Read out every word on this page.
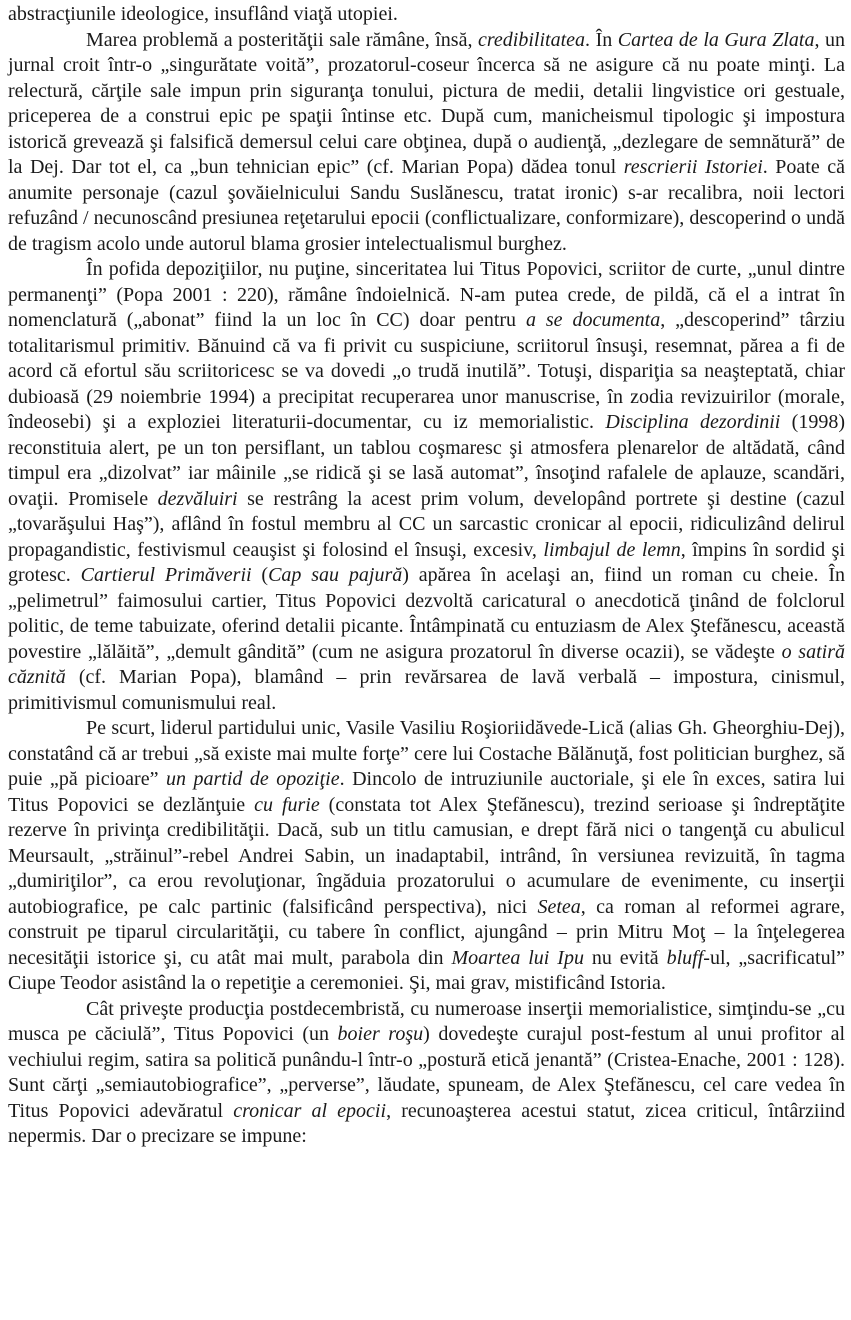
abstracţiunile ideologice, insuflând viaţă utopiei.

Marea problemă a posterităţii sale rămâne, însă, credibilitatea. În Cartea de la Gura Zlata, un jurnal croit într-o „singurătate voită”, prozatorul-coseur încerca să ne asigure că nu poate minţi. La relectură, cărţile sale impun prin siguranţa tonului, pictura de medii, detalii lingvistice ori gestuale, priceperea de a construi epic pe spaţii întinse etc. După cum, manicheismul tipologic şi impostura istorică grevează şi falsifică demersul celui care obţinea, după o audienţă, „dezlegare de semnătură” de la Dej. Dar tot el, ca „bun tehnician epic” (cf. Marian Popa) dădea tonul rescrierii Istoriei. Poate că anumite personaje (cazul şovăielnicului Sandu Suslănescu, tratat ironic) s-ar recalibra, noii lectori refuzând / necunoscând presiunea reţetarului epocii (conflictualizare, conformizare), descoperind o undă de tragism acolo unde autorul blama grosier intelectualismul burghez.

În pofida depoziţiilor, nu puţine, sinceritatea lui Titus Popovici, scriitor de curte, „unul dintre permanenţi” (Popa 2001 : 220), rămâne îndoielnică. N-am putea crede, de pildă, că el a intrat în nomenclatură („abonat” fiind la un loc în CC) doar pentru a se documenta, „descoperind” târziu totalitarismul primitiv. Bănuind că va fi privit cu suspiciune, scriitorul însuşi, resemnat, părea a fi de acord că efortul său scriitoricesc se va dovedi „o trudă inutilă”. Totuşi, dispariţia sa neaşteptată, chiar dubioasă (29 noiembrie 1994) a precipitat recuperarea unor manuscrise, în zodia revizuirilor (morale, îndeosebi) şi a exploziei literaturii-documentar, cu iz memorialistic. Disciplina dezordinii (1998) reconstituia alert, pe un ton persiflant, un tablou coşmaresc şi atmosfera plenarelor de altădată, când timpul era „dizolvat” iar mâinile „se ridică şi se lasă automat”, însoţind rafalele de aplauze, scandări, ovaţii. Promisele dezvăluiri se restrâng la acest prim volum, developând portrete şi destine (cazul „tovarăşului Haş”), aflând în fostul membru al CC un sarcastic cronicar al epocii, ridiculizând delirul propagandistic, festivismul ceauşist şi folosind el însuşi, excesiv, limbajul de lemn, împins în sordid şi grotesc. Cartierul Primăverii (Cap sau pajură) apărea în acelaşi an, fiind un roman cu cheie. În „pelimetrul” faimosului cartier, Titus Popovici dezvoltă caricatural o anecdotică ţinând de folclorul politic, de teme tabuizate, oferind detalii picante. Întâmpinată cu entuziasm de Alex Ştefănescu, această povestire „lălăită”, „demult gândită” (cum ne asigura prozatorul în diverse ocazii), se vădeşte o satiră căznită (cf. Marian Popa), blamând – prin revărsarea de lavă verbală – impostura, cinismul, primitivismul comunismului real.

Pe scurt, liderul partidului unic, Vasile Vasiliu Roşioriidăvede-Lică (alias Gh. Gheorghiu-Dej), constatând că ar trebui „să existe mai multe forţe” cere lui Costache Bălănuţă, fost politician burghez, să puie „pă picioare” un partid de opoziţie. Dincolo de intruziunile auctoriale, şi ele în exces, satira lui Titus Popovici se dezlănţuie cu furie (constata tot Alex Ştefănescu), trezind serioase şi îndreptăţite rezerve în privinţa credibilităţii. Dacă, sub un titlu camusian, e drept fără nici o tangenţă cu abulicul Meursault, „străinul”-rebel Andrei Sabin, un inadaptabil, intrând, în versiunea revizuită, în tagma „dumiriţilor”, ca erou revoluţionar, îngăduia prozatorului o acumulare de evenimente, cu inserţii autobiografice, pe calc partinic (falsificând perspectiva), nici Setea, ca roman al reformei agrare, construit pe tiparul circularităţii, cu tabere în conflict, ajungând – prin Mitru Moţ – la înţelegerea necesităţii istorice şi, cu atât mai mult, parabola din Moartea lui Ipu nu evită bluff-ul, „sacrificatul” Ciupe Teodor asistând la o repetiţie a ceremoniei. Şi, mai grav, mistificând Istoria.

Cât priveşte producţia postdecembristă, cu numeroase inserţii memorialistice, simţindu-se „cu musca pe căciulă”, Titus Popovici (un boier roşu) dovedeşte curajul post-festum al unui profitor al vechiului regim, satira sa politică punându-l într-o „postură etică jenantă” (Cristea-Enache, 2001 : 128). Sunt cărţi „semiautobiografice”, „perverse”, lăudate, spuneam, de Alex Ştefănescu, cel care vedea în Titus Popovici adevăratul cronicar al epocii, recunoaşterea acestui statut, zicea criticul, întârziind nepermis. Dar o precizare se impune:
